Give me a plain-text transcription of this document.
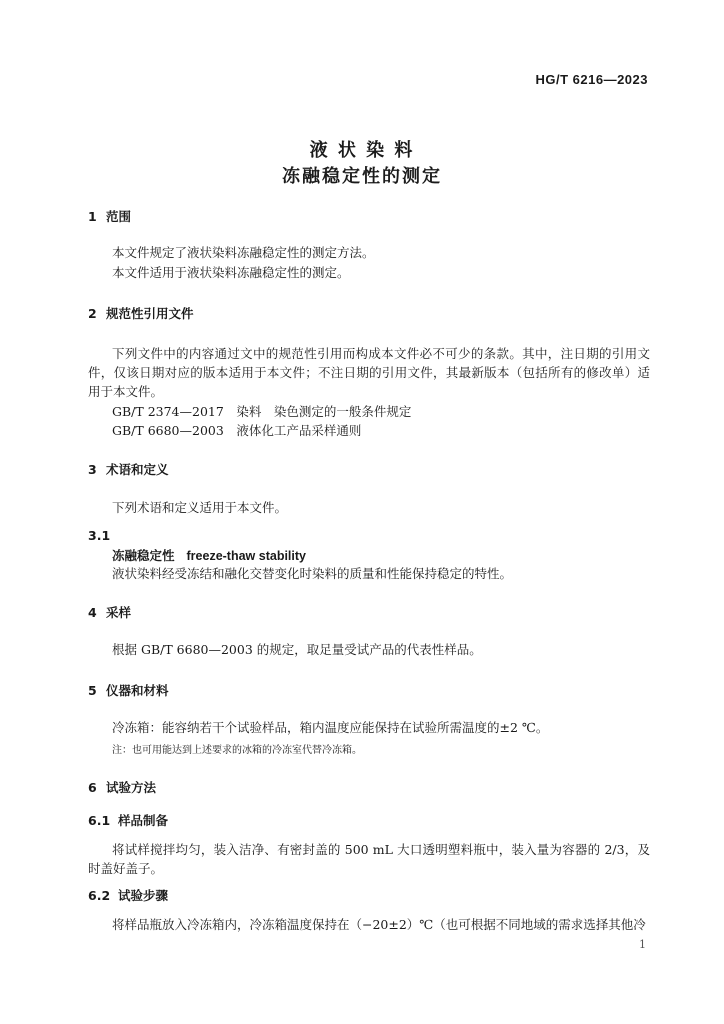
HG/T 6216—2023
液 状 染 料
冻融稳定性的测定
1 范围
本文件规定了液状染料冻融稳定性的测定方法。
本文件适用于液状染料冻融稳定性的测定。
2 规范性引用文件
下列文件中的内容通过文中的规范性引用而构成本文件必不可少的条款。其中，注日期的引用文件，仅该日期对应的版本适用于本文件；不注日期的引用文件，其最新版本（包括所有的修改单）适用于本文件。
GB/T 2374—2017　染料　染色测定的一般条件规定
GB/T 6680—2003　液体化工产品采样通则
3 术语和定义
下列术语和定义适用于本文件。
3.1
冻融稳定性 freeze-thaw stability
液状染料经受冻结和融化交替变化时染料的质量和性能保持稳定的特性。
4 采样
根据 GB/T 6680—2003 的规定，取足量受试产品的代表性样品。
5 仪器和材料
冷冻箱：能容纳若干个试验样品，箱内温度应能保持在试验所需温度的±2 ℃。
注：也可用能达到上述要求的冰箱的冷冻室代替冷冻箱。
6 试验方法
6.1 样品制备
将试样搅拌均匀，装入洁净、有密封盖的 500 mL 大口透明塑料瓶中，装入量为容器的 2/3，及时盖好盖子。
6.2 试验步骤
将样品瓶放入冷冻箱内，冷冻箱温度保持在（−20±2）℃（也可根据不同地域的需求选择其他冷
1
